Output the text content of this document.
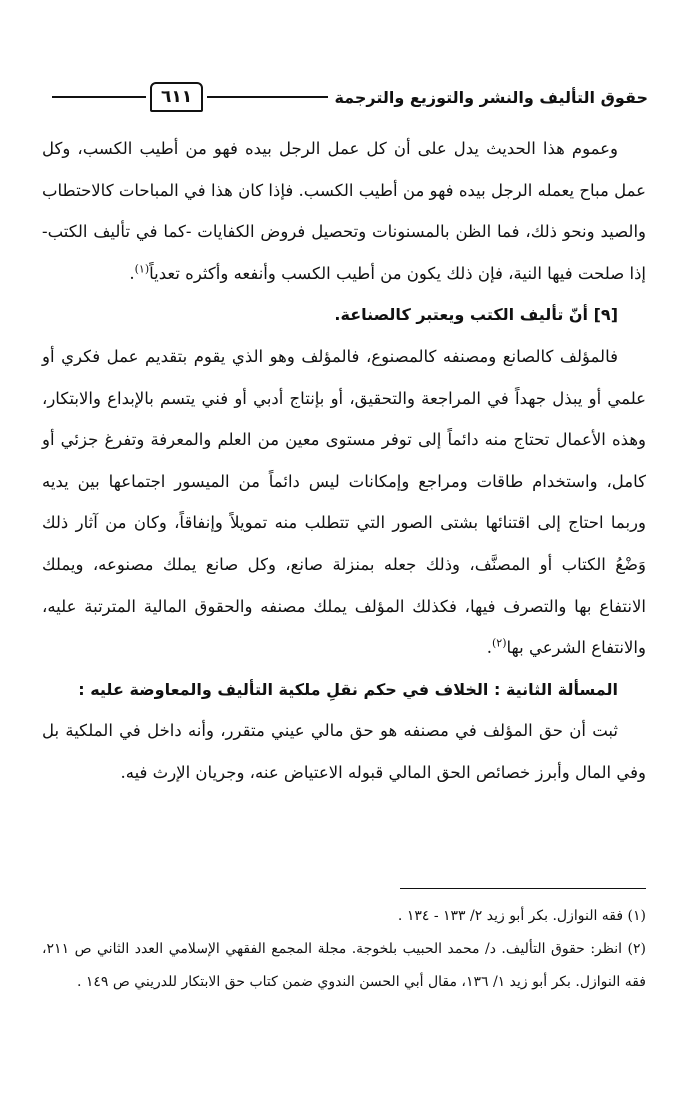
حقوق التأليف والنشر والتوزيع والترجمة
٦١١

وعموم هذا الحديث يدل على أن كل عمل الرجل بيده فهو من أطيب الكسب، وكل عمل مباح يعمله الرجل بيده فهو من أطيب الكسب. فإذا كان هذا في المباحات كالاحتطاب والصيد ونحو ذلك، فما الظن بالمسنونات وتحصيل فروض الكفايات -كما في تأليف الكتب- إذا صلحت فيها النية، فإن ذلك يكون من أطيب الكسب وأنفعه وأكثره تعدياً$^{(١)}$.

[٩] أنّ تأليف الكتب ويعتبر كالصناعة.

فالمؤلف كالصانع ومصنفه كالمصنوع، فالمؤلف وهو الذي يقوم بتقديم عمل فكري أو علمي أو يبذل جهداً في المراجعة والتحقيق، أو بإنتاج أدبي أو فني يتسم بالإبداع والابتكار، وهذه الأعمال تحتاج منه دائماً إلى توفر مستوى معين من العلم والمعرفة وتفرغ جزئي أو كامل، واستخدام طاقات ومراجع وإمكانات ليس دائماً من الميسور اجتماعها بين يديه وربما احتاج إلى اقتنائها بشتى الصور التي تتطلب منه تمويلاً وإنفاقاً، وكان من آثار ذلك وَضْعُ الكتاب أو المصنَّف، وذلك جعله بمنزلة صانع، وكل صانع يملك مصنوعه، ويملك الانتفاع بها والتصرف فيها، فكذلك المؤلف يملك مصنفه والحقوق المالية المترتبة عليه، والانتفاع الشرعي بها$^{(٢)}$.

المسألة الثانية : الخلاف في حكم نقلِ ملكية التأليف والمعاوضة عليه :

ثبت أن حق المؤلف في مصنفه هو حق مالي عيني متقرر، وأنه داخل في الملكية بل وفي المال وأبرز خصائص الحق المالي قبوله الاعتياض عنه، وجريان الإرث فيه.

(١) فقه النوازل. بكر أبو زيد ٢/ ١٣٣ - ١٣٤ .

(٢) انظر: حقوق التأليف. د/ محمد الحبيب بلخوجة. مجلة المجمع الفقهي الإسلامي العدد الثاني ص ٢١١، فقه النوازل. بكر أبو زيد ١/ ١٣٦، مقال أبي الحسن الندوي ضمن كتاب حق الابتكار للدريني ص ١٤٩ .
